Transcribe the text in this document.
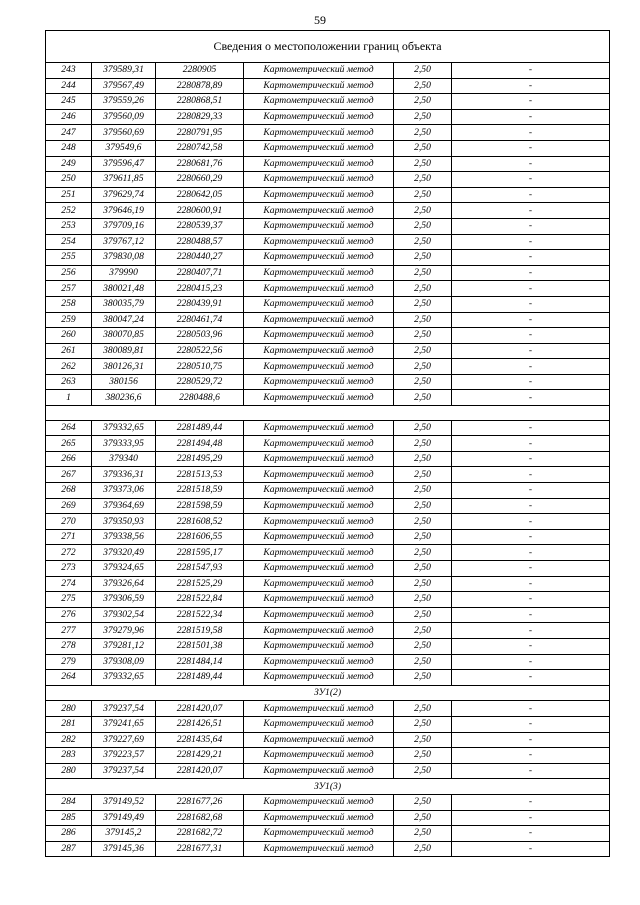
59
Сведения о местоположении границ объекта					
243	379589,31	2280905	Картометрический метод	2,50	-
244	379567,49	2280878,89	Картометрический метод	2,50	-
245	379559,26	2280868,51	Картометрический метод	2,50	-
246	379560,09	2280829,33	Картометрический метод	2,50	-
247	379560,69	2280791,95	Картометрический метод	2,50	-
248	379549,6	2280742,58	Картометрический метод	2,50	-
249	379596,47	2280681,76	Картометрический метод	2,50	-
250	379611,85	2280660,29	Картометрический метод	2,50	-
251	379629,74	2280642,05	Картометрический метод	2,50	-
252	379646,19	2280600,91	Картометрический метод	2,50	-
253	379709,16	2280539,37	Картометрический метод	2,50	-
254	379767,12	2280488,57	Картометрический метод	2,50	-
255	379830,08	2280440,27	Картометрический метод	2,50	-
256	379990	2280407,71	Картометрический метод	2,50	-
257	380021,48	2280415,23	Картометрический метод	2,50	-
258	380035,79	2280439,91	Картометрический метод	2,50	-
259	380047,24	2280461,74	Картометрический метод	2,50	-
260	380070,85	2280503,96	Картометрический метод	2,50	-
261	380089,81	2280522,56	Картометрический метод	2,50	-
262	380126,31	2280510,75	Картометрический метод	2,50	-
263	380156	2280529,72	Картометрический метод	2,50	-
1	380236,6	2280488,6	Картометрический метод	2,50	-

264	379332,65	2281489,44	Картометрический метод	2,50	-
265	379333,95	2281494,48	Картометрический метод	2,50	-
266	379340	2281495,29	Картометрический метод	2,50	-
267	379336,31	2281513,53	Картометрический метод	2,50	-
268	379373,06	2281518,59	Картометрический метод	2,50	-
269	379364,69	2281598,59	Картометрический метод	2,50	-
270	379350,93	2281608,52	Картометрический метод	2,50	-
271	379338,56	2281606,55	Картометрический метод	2,50	-
272	379320,49	2281595,17	Картометрический метод	2,50	-
273	379324,65	2281547,93	Картометрический метод	2,50	-
274	379326,64	2281525,29	Картометрический метод	2,50	-
275	379306,59	2281522,84	Картометрический метод	2,50	-
276	379302,54	2281522,34	Картометрический метод	2,50	-
277	379279,96	2281519,58	Картометрический метод	2,50	-
278	379281,12	2281501,38	Картометрический метод	2,50	-
279	379308,09	2281484,14	Картометрический метод	2,50	-
264	379332,65	2281489,44	Картометрический метод	2,50	-
ЗУ1(2)					
280	379237,54	2281420,07	Картометрический метод	2,50	-
281	379241,65	2281426,51	Картометрический метод	2,50	-
282	379227,69	2281435,64	Картометрический метод	2,50	-
283	379223,57	2281429,21	Картометрический метод	2,50	-
280	379237,54	2281420,07	Картометрический метод	2,50	-
ЗУ1(3)					
284	379149,52	2281677,26	Картометрический метод	2,50	-
285	379149,49	2281682,68	Картометрический метод	2,50	-
286	379145,2	2281682,72	Картометрический метод	2,50	-
287	379145,36	2281677,31	Картометрический метод	2,50	-
